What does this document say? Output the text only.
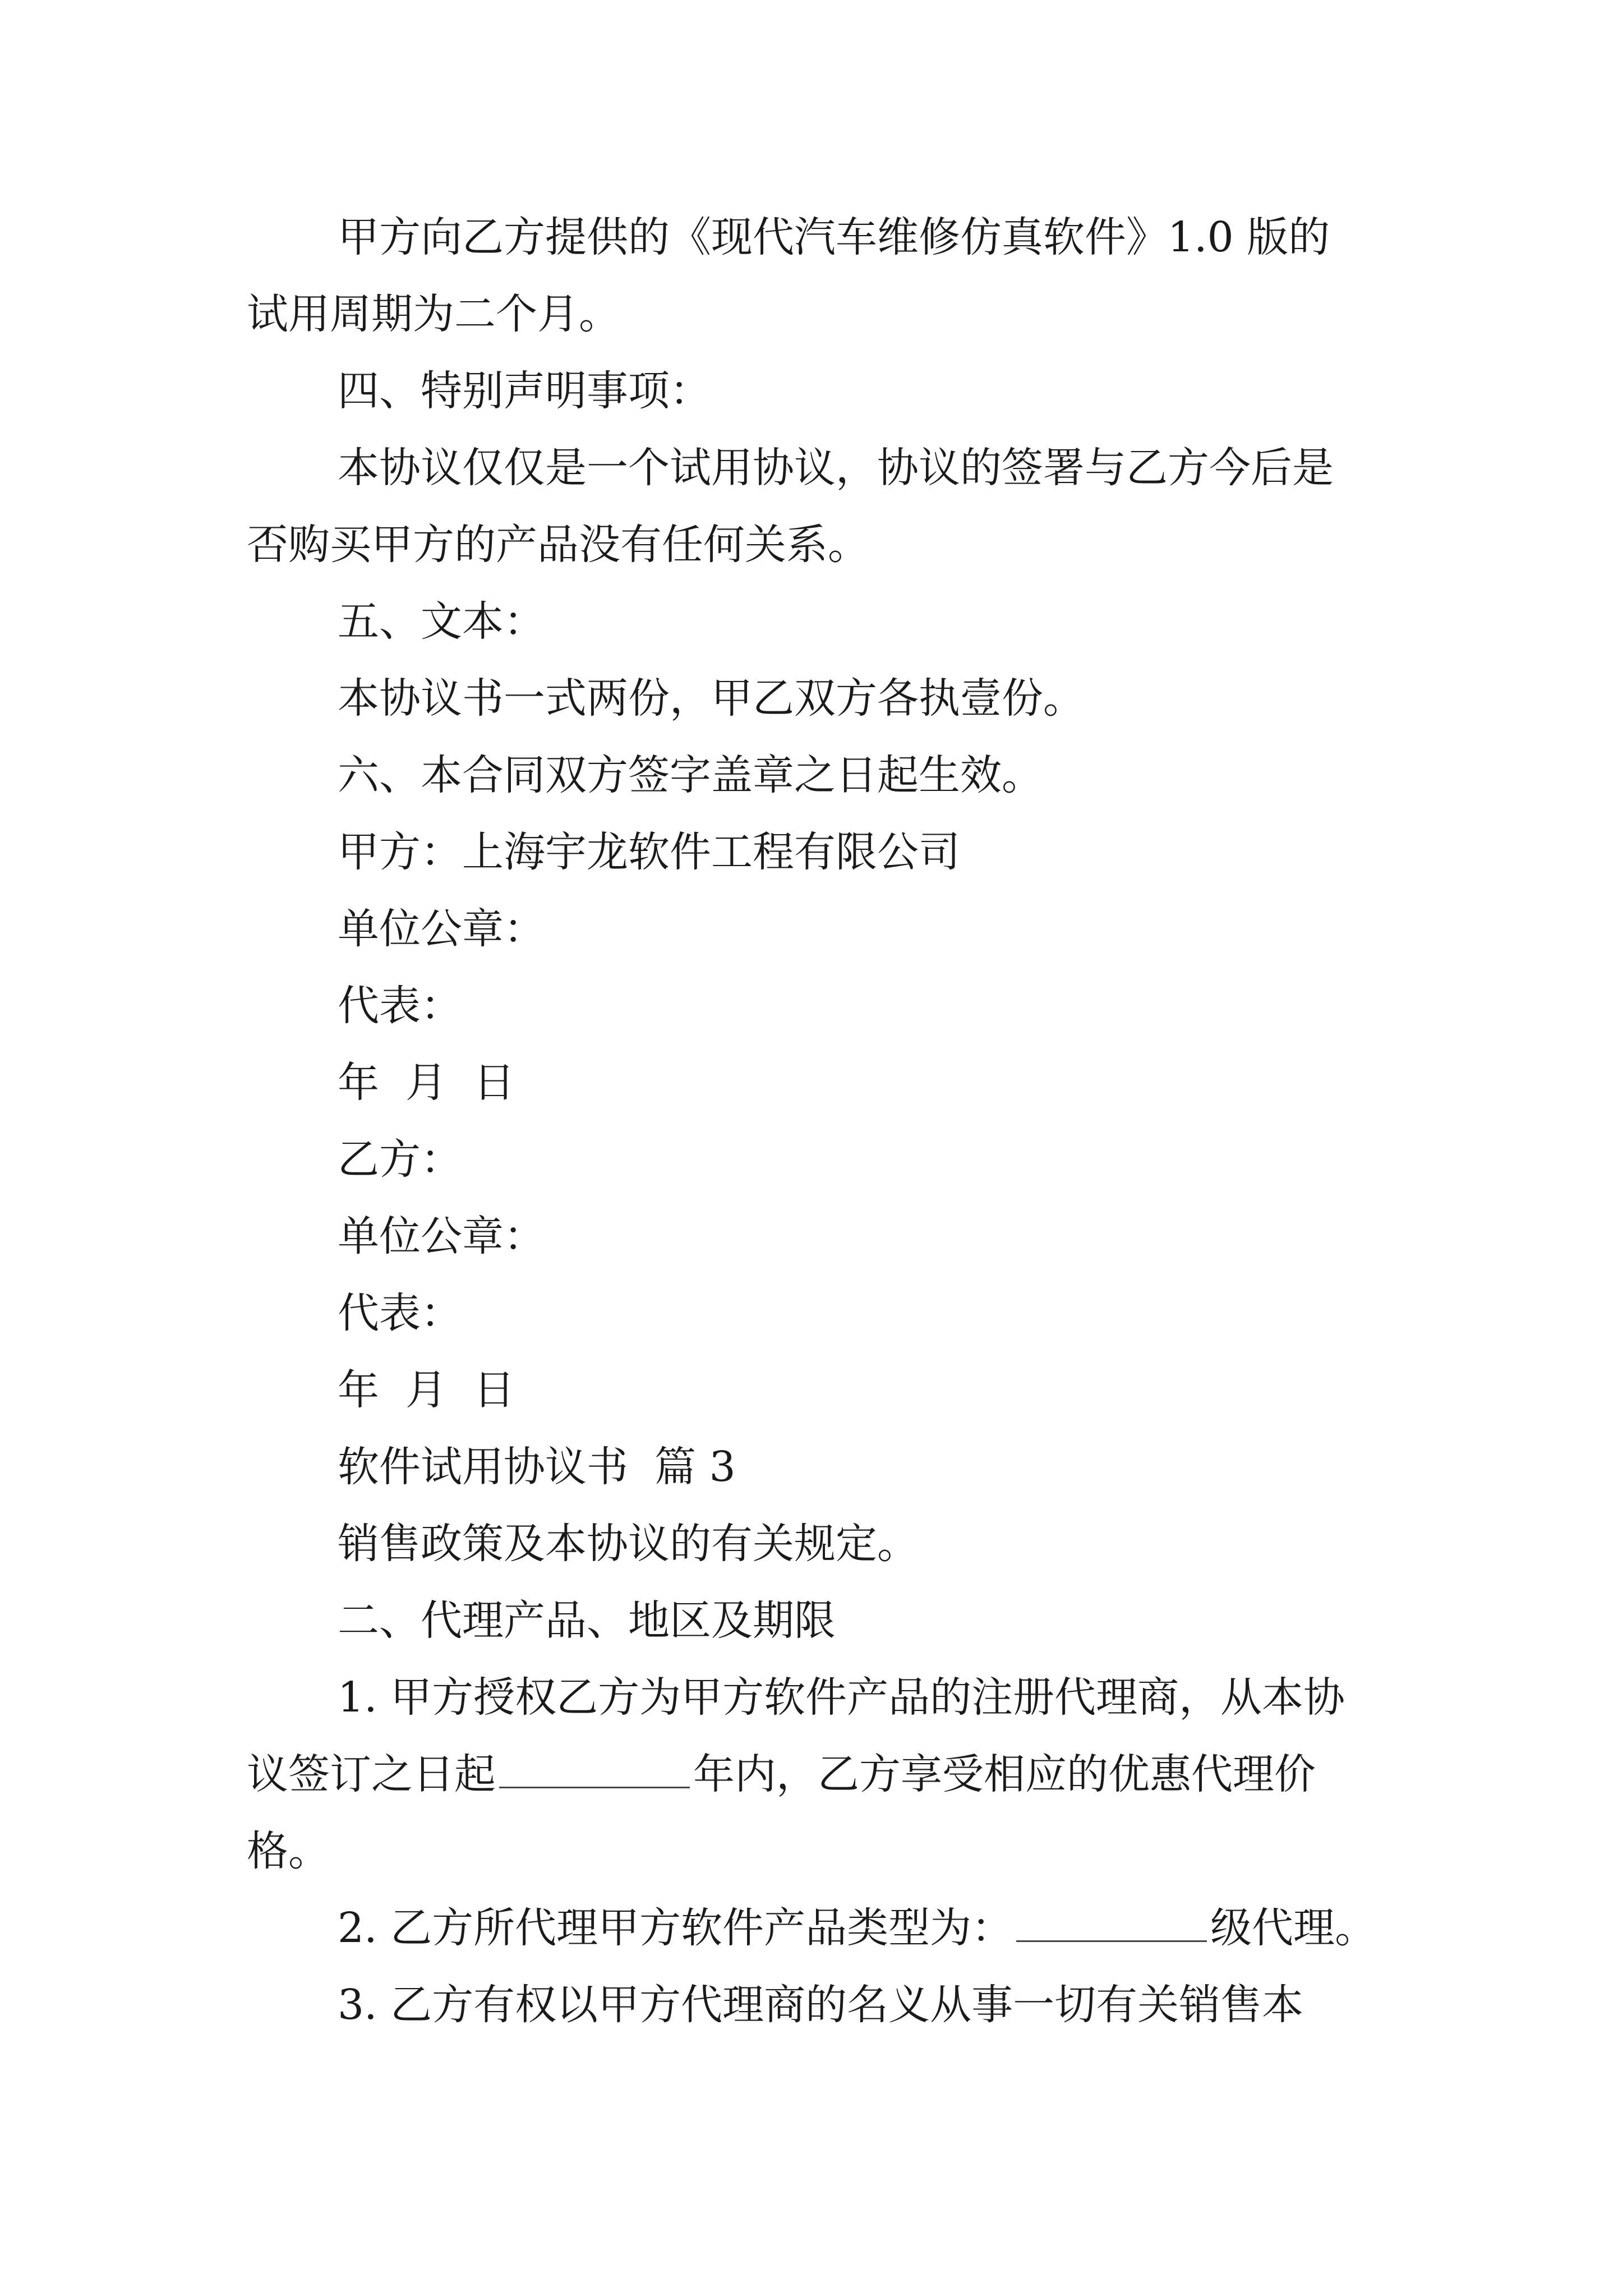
甲方向乙方提供的《现代汽车维修仿真软件》1.0 版的

试用周期为二个月。

四、特别声明事项：

本协议仅仅是一个试用协议，协议的签署与乙方今后是

否购买甲方的产品没有任何关系。

五、文本：

本协议书一式两份，甲乙双方各执壹份。

六、本合同双方签字盖章之日起生效。

甲方：上海宇龙软件工程有限公司

单位公章：

代表：

年  月  日

乙方：

单位公章：

代表：

年  月  日

软件试用协议书  篇 3

销售政策及本协议的有关规定。

二、代理产品、地区及期限

1. 甲方授权乙方为甲方软件产品的注册代理商，从本协

议签订之日起	年内，乙方享受相应的优惠代理价

格。

2. 乙方所代理甲方软件产品类型为：	级代理。

3. 乙方有权以甲方代理商的名义从事一切有关销售本
